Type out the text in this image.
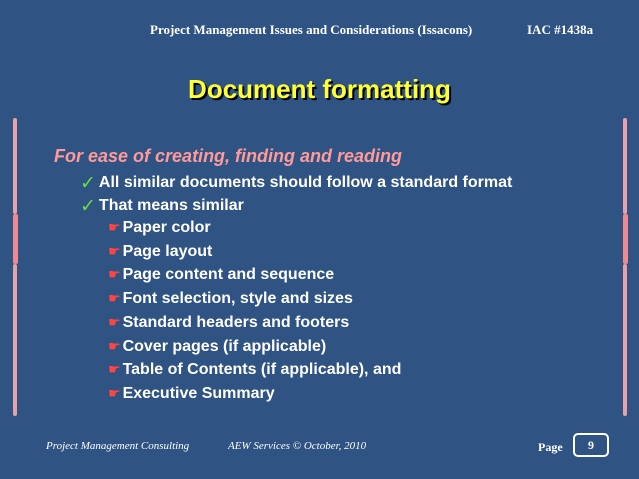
Project Management Issues and Considerations (Issacons)	IAC #1438a
Document formatting
For ease of creating, finding and reading
✓ All similar documents should follow a standard format
✓ That means similar
☛ Paper color
☛ Page layout
☛ Page content and sequence
☛ Font selection, style and sizes
☛ Standard headers and footers
☛ Cover pages (if applicable)
☛ Table of Contents (if applicable), and
☛ Executive Summary
Project Management Consulting	AEW Services © October, 2010	Page 9
